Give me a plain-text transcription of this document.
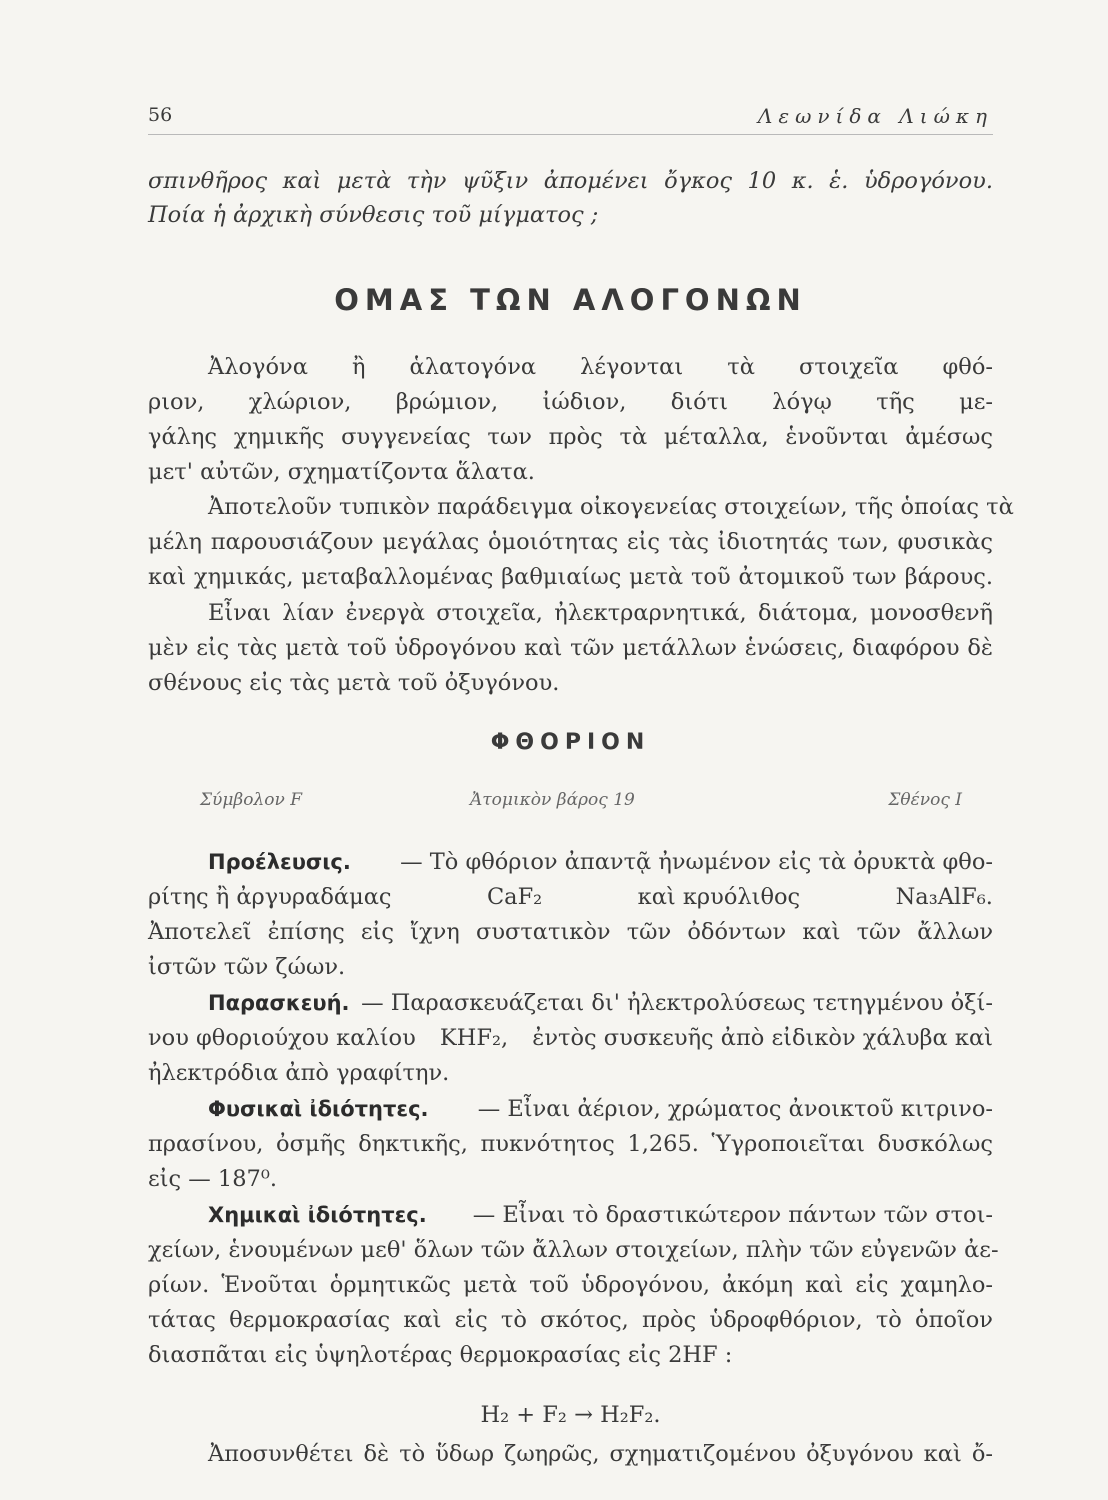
56	Λεωνίδα Λιώκη
σπινθῆρος καὶ μετὰ τὴν ψῦξιν ἀπομένει ὄγκος 10 κ. ἑ. ὑδρογόνου.
Ποία ἡ ἀρχικὴ σύνθεσις τοῦ μίγματος ;
ΟΜΑΣ ΤΩΝ ΑΛΟΓΟΝΩΝ
Ἀλογόνα ἢ ἁλατογόνα λέγονται τὰ στοιχεῖα φθό-
ριον, χλώριον, βρώμιον, ἰώδιον, διότι λόγῳ τῆς με-
γάλης χημικῆς συγγενείας των πρὸς τὰ μέταλλα, ἑνοῦνται ἀμέσως
μετ' αὐτῶν, σχηματίζοντα ἅλατα.
Ἀποτελοῦν τυπικὸν παράδειγμα οἰκογενείας στοιχείων, τῆς ὁποίας τὰ
μέλη παρουσιάζουν μεγάλας ὁμοιότητας εἰς τὰς ἰδιοτητάς των, φυσικὰς
καὶ χημικάς, μεταβαλλομένας βαθμιαίως μετὰ τοῦ ἀτομικοῦ των βάρους.
Εἶναι λίαν ἐνεργὰ στοιχεῖα, ἠλεκτραρνητικά, διάτομα, μονοσθενῆ
μὲν εἰς τὰς μετὰ τοῦ ὑδρογόνου καὶ τῶν μετάλλων ἑνώσεις, διαφόρου δὲ
σθένους εἰς τὰς μετὰ τοῦ ὀξυγόνου.
ΦΘΟΡΙΟΝ
Σύμβολον F	Ἀτομικὸν βάρος 19	Σθένος I
Προέλευσις. — Τὸ φθόριον ἀπαντᾷ ἠνωμένον εἰς τὰ ὀρυκτὰ φθο-
ρίτης ἢ ἀργυραδάμας	CaF₂	καὶ κρυόλιθος	Na₃AlF₆.
Ἀποτελεῖ ἐπίσης εἰς ἴχνη συστατικὸν τῶν ὀδόντων καὶ τῶν ἄλλων
ἰστῶν τῶν ζώων.
Παρασκευή. — Παρασκευάζεται δι' ἠλεκτρολύσεως τετηγμένου ὀξί-
νου φθοριούχου καλίου KHF₂, ἐντὸς συσκευῆς ἀπὸ εἰδικὸν χάλυβα καὶ
ἠλεκτρόδια ἀπὸ γραφίτην.
Φυσικαὶ ἰδιότητες. — Εἶναι ἀέριον, χρώματος ἀνοικτοῦ κιτρινο-
πρασίνου, ὀσμῆς δηκτικῆς, πυκνότητος 1,265. Ὑγροποιεῖται δυσκόλως
εἰς — 187⁰.
Χημικαὶ ἰδιότητες. — Εἶναι τὸ δραστικώτερον πάντων τῶν στοι-
χείων, ἑνουμένων μεθ' ὅλων τῶν ἄλλων στοιχείων, πλὴν τῶν εὐγενῶν ἀε-
ρίων. Ἑνοῦται ὁρμητικῶς μετὰ τοῦ ὑδρογόνου, ἀκόμη καὶ εἰς χαμηλο-
τάτας θερμοκρασίας καὶ εἰς τὸ σκότος, πρὸς ὑδροφθόριον, τὸ ὁποῖον
διασπᾶται εἰς ὑψηλοτέρας θερμοκρασίας εἰς 2HF :
H₂ + F₂ → H₂F₂.
Ἀποσυνθέτει δὲ τὸ ὕδωρ ζωηρῶς, σχηματιζομένου ὀξυγόνου καὶ ὄ-
